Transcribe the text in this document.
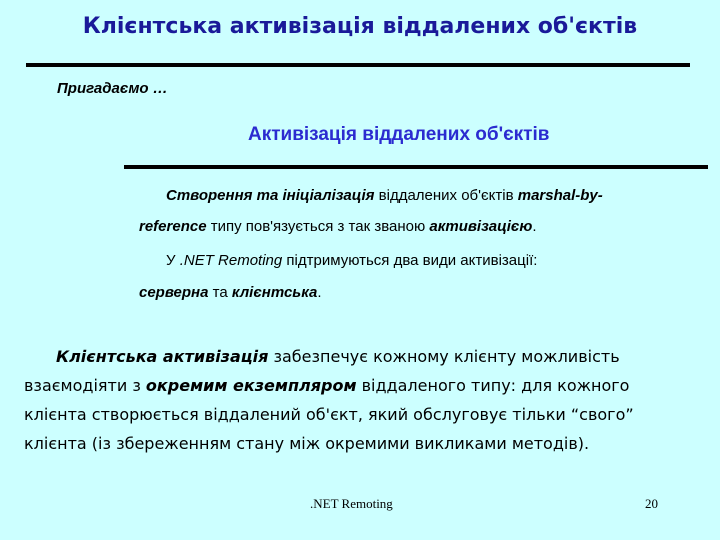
Клієнтська активізація віддалених об'єктів
Пригадаємо …
Активізація віддалених об'єктів
Створення та ініціалізація віддалених об'єктів marshal-by-
reference типу пов'язується з так званою активізацією.
У .NET Remoting підтримуються два види активізації:
серверна та клієнтська.
Клієнтська активізація забезпечує кожному клієнту можливість взаємодіяти з окремим екземпляром віддаленого типу: для кожного клієнта створюється віддалений об'єкт, який обслуговує тільки “свого” клієнта (із збереженням стану між окремими викликами методів).
.NET Remoting	20
